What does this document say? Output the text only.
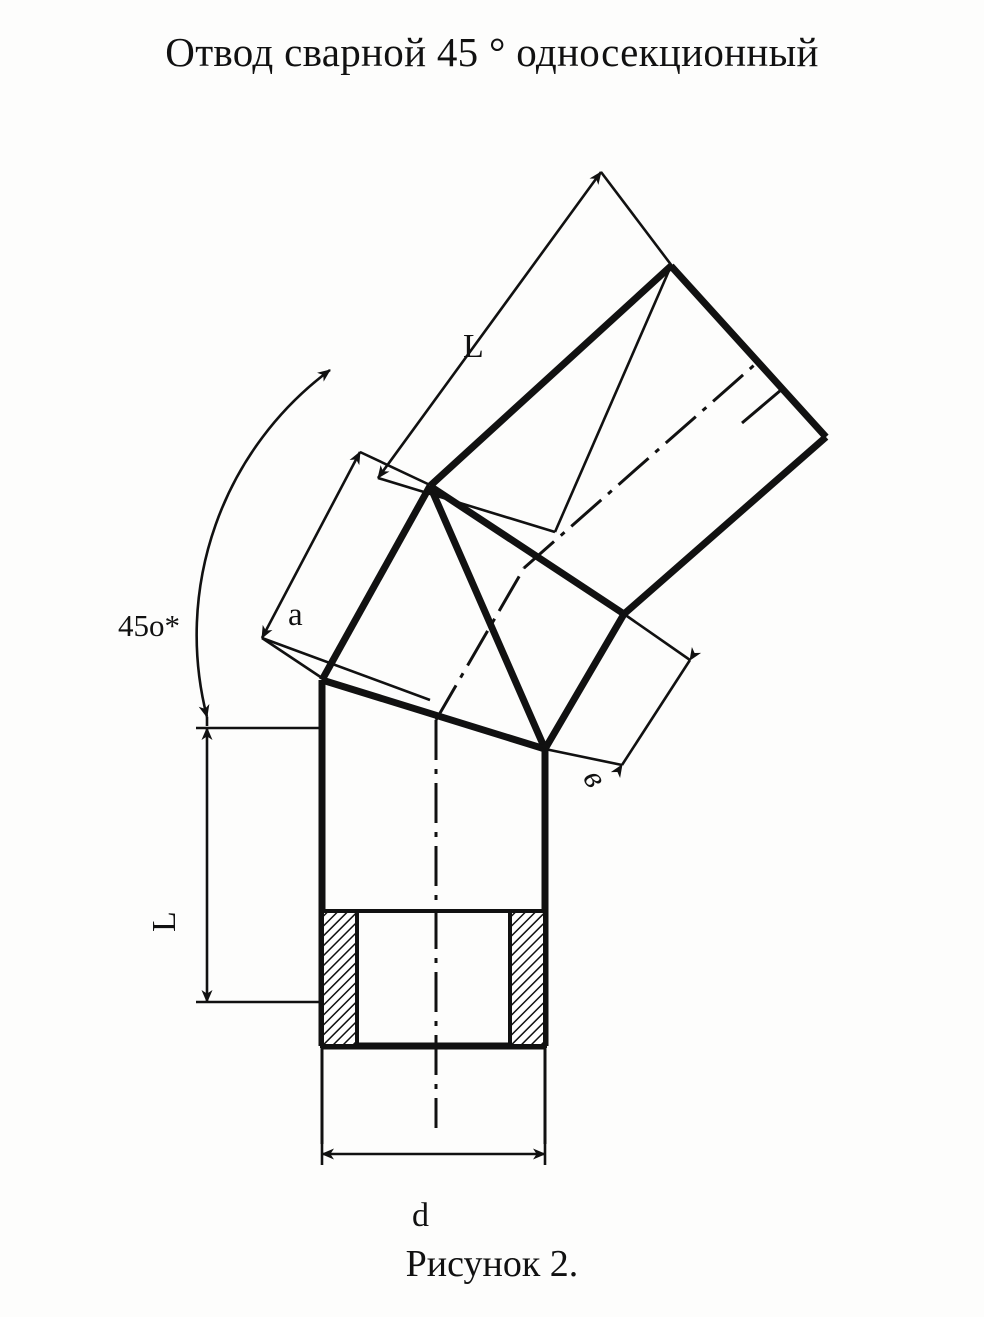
Отвод сварной 45 ° односекционный
L
a
45о*
L
d
в
Рисунок 2.
